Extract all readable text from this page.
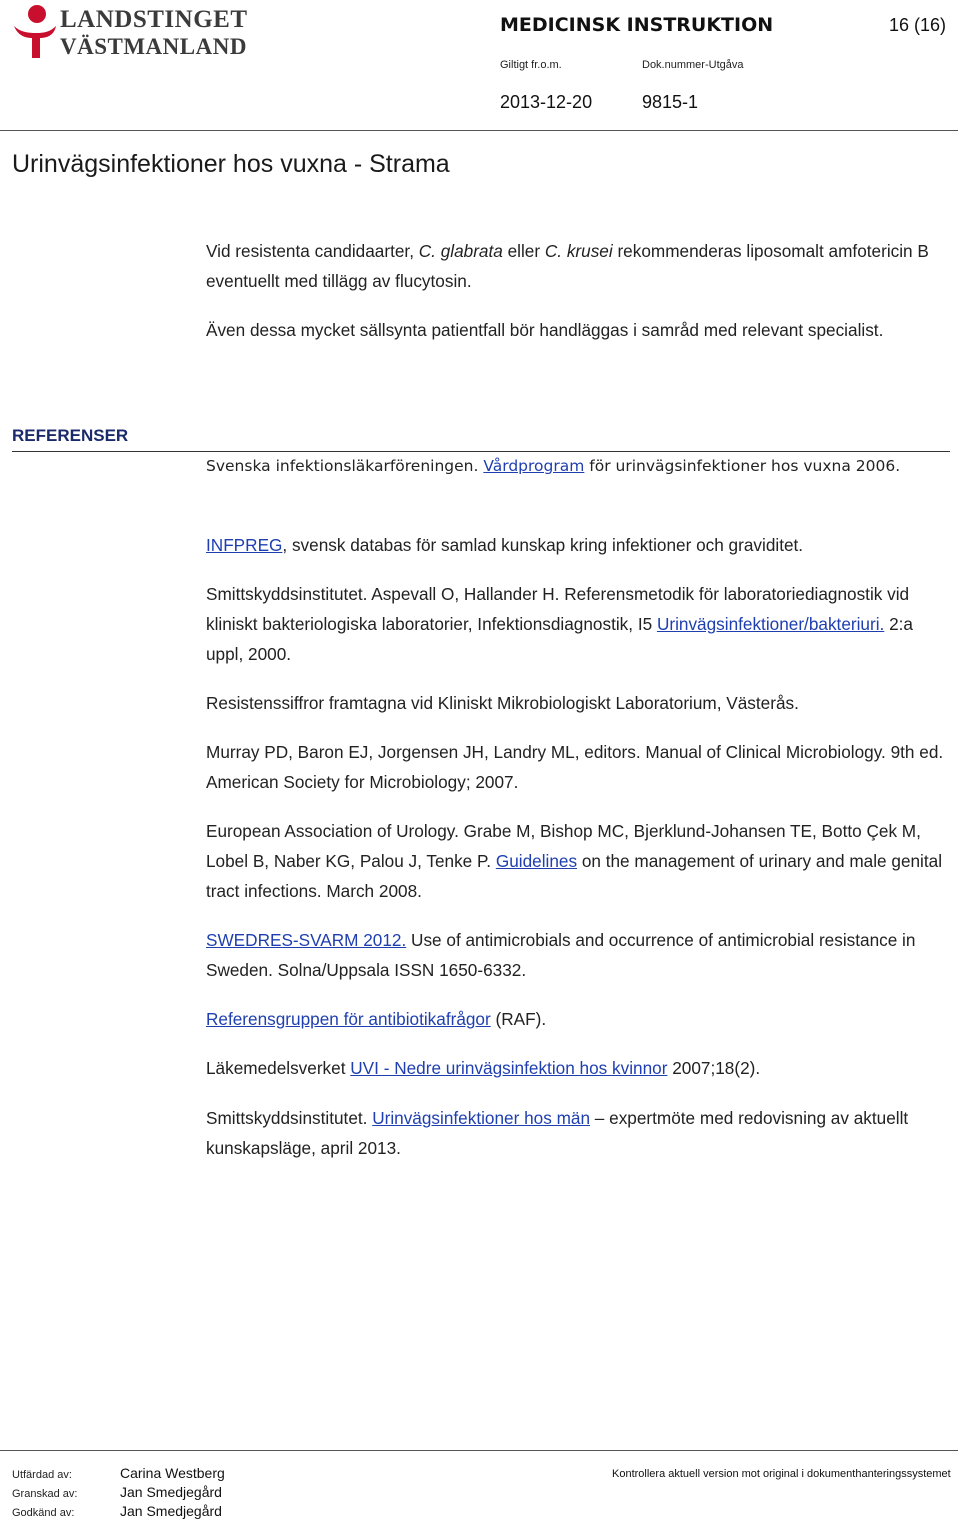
LANDSTINGET
VÄSTMANLAND
MEDICINSK INSTRUKTION	16 (16)
Giltigt fr.o.m.	Dok.nummer-Utgåva
2013-12-20	9815-1
Urinvägsinfektioner hos vuxna - Strama
Vid resistenta candidaarter, C. glabrata eller C. krusei rekommenderas liposomalt amfotericin B eventuellt med tillägg av flucytosin.
Även dessa mycket sällsynta patientfall bör handläggas i samråd med relevant specialist.
REFERENSER
Svenska infektionsläkarföreningen. Vårdprogram för urinvägsinfektioner hos vuxna 2006.
INFPREG, svensk databas för samlad kunskap kring infektioner och graviditet.
Smittskyddsinstitutet. Aspevall O, Hallander H. Referensmetodik för laboratoriediagnostik vid kliniskt bakteriologiska laboratorier, Infektionsdiagnostik, I5 Urinvägsinfektioner/bakteriuri. 2:a uppl, 2000.
Resistenssiffror framtagna vid Kliniskt Mikrobiologiskt Laboratorium, Västerås.
Murray PD, Baron EJ, Jorgensen JH, Landry ML, editors. Manual of Clinical Microbiology. 9th ed. American Society for Microbiology; 2007.
European Association of Urology. Grabe M, Bishop MC, Bjerklund-Johansen TE, Botto Çek M, Lobel B, Naber KG, Palou J, Tenke P. Guidelines on the management of urinary and male genital tract infections. March 2008.
SWEDRES-SVARM 2012. Use of antimicrobials and occurrence of antimicrobial resistance in Sweden. Solna/Uppsala ISSN 1650-6332.
Referensgruppen för antibiotikafrågor (RAF).
Läkemedelsverket UVI - Nedre urinvägsinfektion hos kvinnor 2007;18(2).
Smittskyddsinstitutet. Urinvägsinfektioner hos män – expertmöte med redovisning av aktuellt kunskapsläge, april 2013.
Utfärdad av:	Carina Westberg
Granskad av:	Jan Smedjegård
Godkänd av:	Jan Smedjegård
Kontrollera aktuell version mot original i dokumenthanteringssystemet
